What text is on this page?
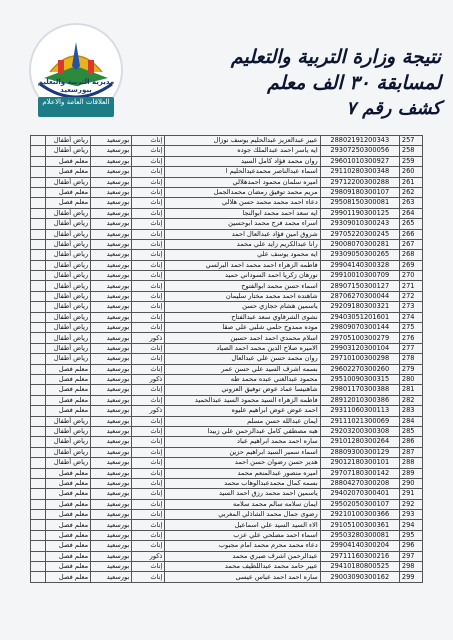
مديرية التربية والتعليم ببورسعيد
العلاقات العامة والاعلام
نتيجة وزارة التربية والتعليم
لمسابقة ٣٠ الف معلم
كشف رقم ٧
	رياض أطفال	بورسعيد	إناث	عبير عبدالعزيز عبدالحليم يوسف نوزال	28802191200343	257
	رياض أطفال	بورسعيد	إناث	ايه ياسر احمد عبدالملك جوده	29307250300056	258
	معلم فصل	بورسعيد	إناث	روان محمد فؤاد كامل السيد	29601010300927	259
	معلم فصل	بورسعيد	إناث	اسماء عبدالناصر محمدعبدالحليم ا	29110280300348	260
	رياض أطفال	بورسعيد	إناث	اميره سلمان محمود احمدهلالي	29712200300288	261
	معلم فصل	بورسعيد	إناث	مريم محمد توفيق رمضان محمدالجمل	29809180300107	262
	معلم فصل	بورسعيد	إناث	دعاء احمد محمد محمد حسن هلالي	29508150300081	263
	رياض أطفال	بورسعيد	إناث	ايه سعد احمد محمد ابوالنجا	29901190300125	264
	رياض أطفال	بورسعيد	إناث	اسراء محمد فرج محمد ابوحسين	29309010300243	265
	رياض أطفال	بورسعيد	إناث	شروق امين فؤاد عبدالعال احمد	29705220300245	266
	رياض أطفال	بورسعيد	إناث	رانا عبدالكريم زايد علي محمد	29008070300281	267
	رياض أطفال	بورسعيد	إناث	ايه محمود يوسف علي	29309050300265	268
	رياض أطفال	بورسعيد	إناث	فاطمه الزهراء احمد محمد احمد البرلسي	29904140300328	269
	رياض أطفال	بورسعيد	إناث	نورهان زكريا احمد السوداني حميد	29910010300709	270
	رياض أطفال	بورسعيد	إناث	اسماء حسن محمد ابوالفتوح	28907150300127	271
	رياض أطفال	بورسعيد	إناث	شاهنده احمد محمد مختار سليمان	28706270300044	272
	رياض أطفال	بورسعيد	إناث	ياسمين هشام حجازي حسن	29209180300321	273
	رياض أطفال	بورسعيد	إناث	نشوى الشرقاوي سعد عبدالفتاح	29403051201601	274
	رياض أطفال	بورسعيد	إناث	موده ممدوح حلمي شلبي علي صقا	29809070300144	275
	رياض أطفال	بورسعيد	ذكور	اسلام محمدي احمد احمد حسين	29705100300279	276
	رياض أطفال	بورسعيد	إناث	الاميره صلاح الدين محمد احمد الصياد	29903120300104	277
	رياض أطفال	بورسعيد	إناث	روان محمد حسن علي عبدالعال	29710100300298	278
	معلم فصل	بورسعيد	إناث	بسمه اشرف السيد علي حسن عمر	29602270300260	279
	معلم فصل	بورسعيد	ذكور	محمود عبدالغني عبده محمد طه	29510090300315	280
	معلم فصل	بورسعيد	إناث	شاهنيسا عماد عوض توفيق العزوني	29801170300388	281
	معلم فصل	بورسعيد	إناث	فاطمه الزهراء السيد محمود السيد عبدالحميد	28912010300386	282
	معلم فصل	بورسعيد	ذكور	احمد عوض عوض ابراهيم عليوه	29311060300113	283
	رياض أطفال	بورسعيد	إناث	ايمان عبدالله حسن مسلم	29111021300069	284
	رياض أطفال	بورسعيد	إناث	هبه مصطفي كامل عبدالرحمن علي زبيدا	29203200300308	285
	رياض أطفال	بورسعيد	إناث	ساره احمد محمد ابراهيم عباد	29101280300264	286
	رياض أطفال	بورسعيد	إناث	اسماء سمير السيد ابراهيم حزين	28809300300129	287
	رياض أطفال	بورسعيد	إناث	هدير حسن رضوان حسن احمد	29012180300101	288
	معلم فصل	بورسعيد	إناث	اميره منصور عبدالمنعم محمد	29707180300142	289
	معلم فصل	بورسعيد	إناث	بسمه كمال محمدعبدالوهاب محمد	28804270300208	290
	معلم فصل	بورسعيد	إناث	ياسمين احمد محمد رزق احمد السيد	29402070300401	291
	معلم فصل	بورسعيد	إناث	ايمان سلامه سالم محمد سلامه	29502050300107	292
	معلم فصل	بورسعيد	إناث	رضوى جمال محمد الشاذلي المغربي	29210100300366	293
	معلم فصل	بورسعيد	إناث	الاء السيد السيد علي اسماعيل	29105100300361	294
	معلم فصل	بورسعيد	إناث	اسماء احمد مصلحي علي عزب	29503280300081	295
	معلم فصل	بورسعيد	إناث	دعاء محمد محرم محمد امام مجبوب	29904140300204	296
	معلم فصل	بورسعيد	ذكور	عبدالرحمن اشرف صبري محمد	29711160300216	297
	معلم فصل	بورسعيد	إناث	عبير حامد محمد عبداللطيف محمد	29410180800525	298
	معلم فصل	بورسعيد	إناث	ساره احمد احمد عباس عيسى	29003090300162	299
